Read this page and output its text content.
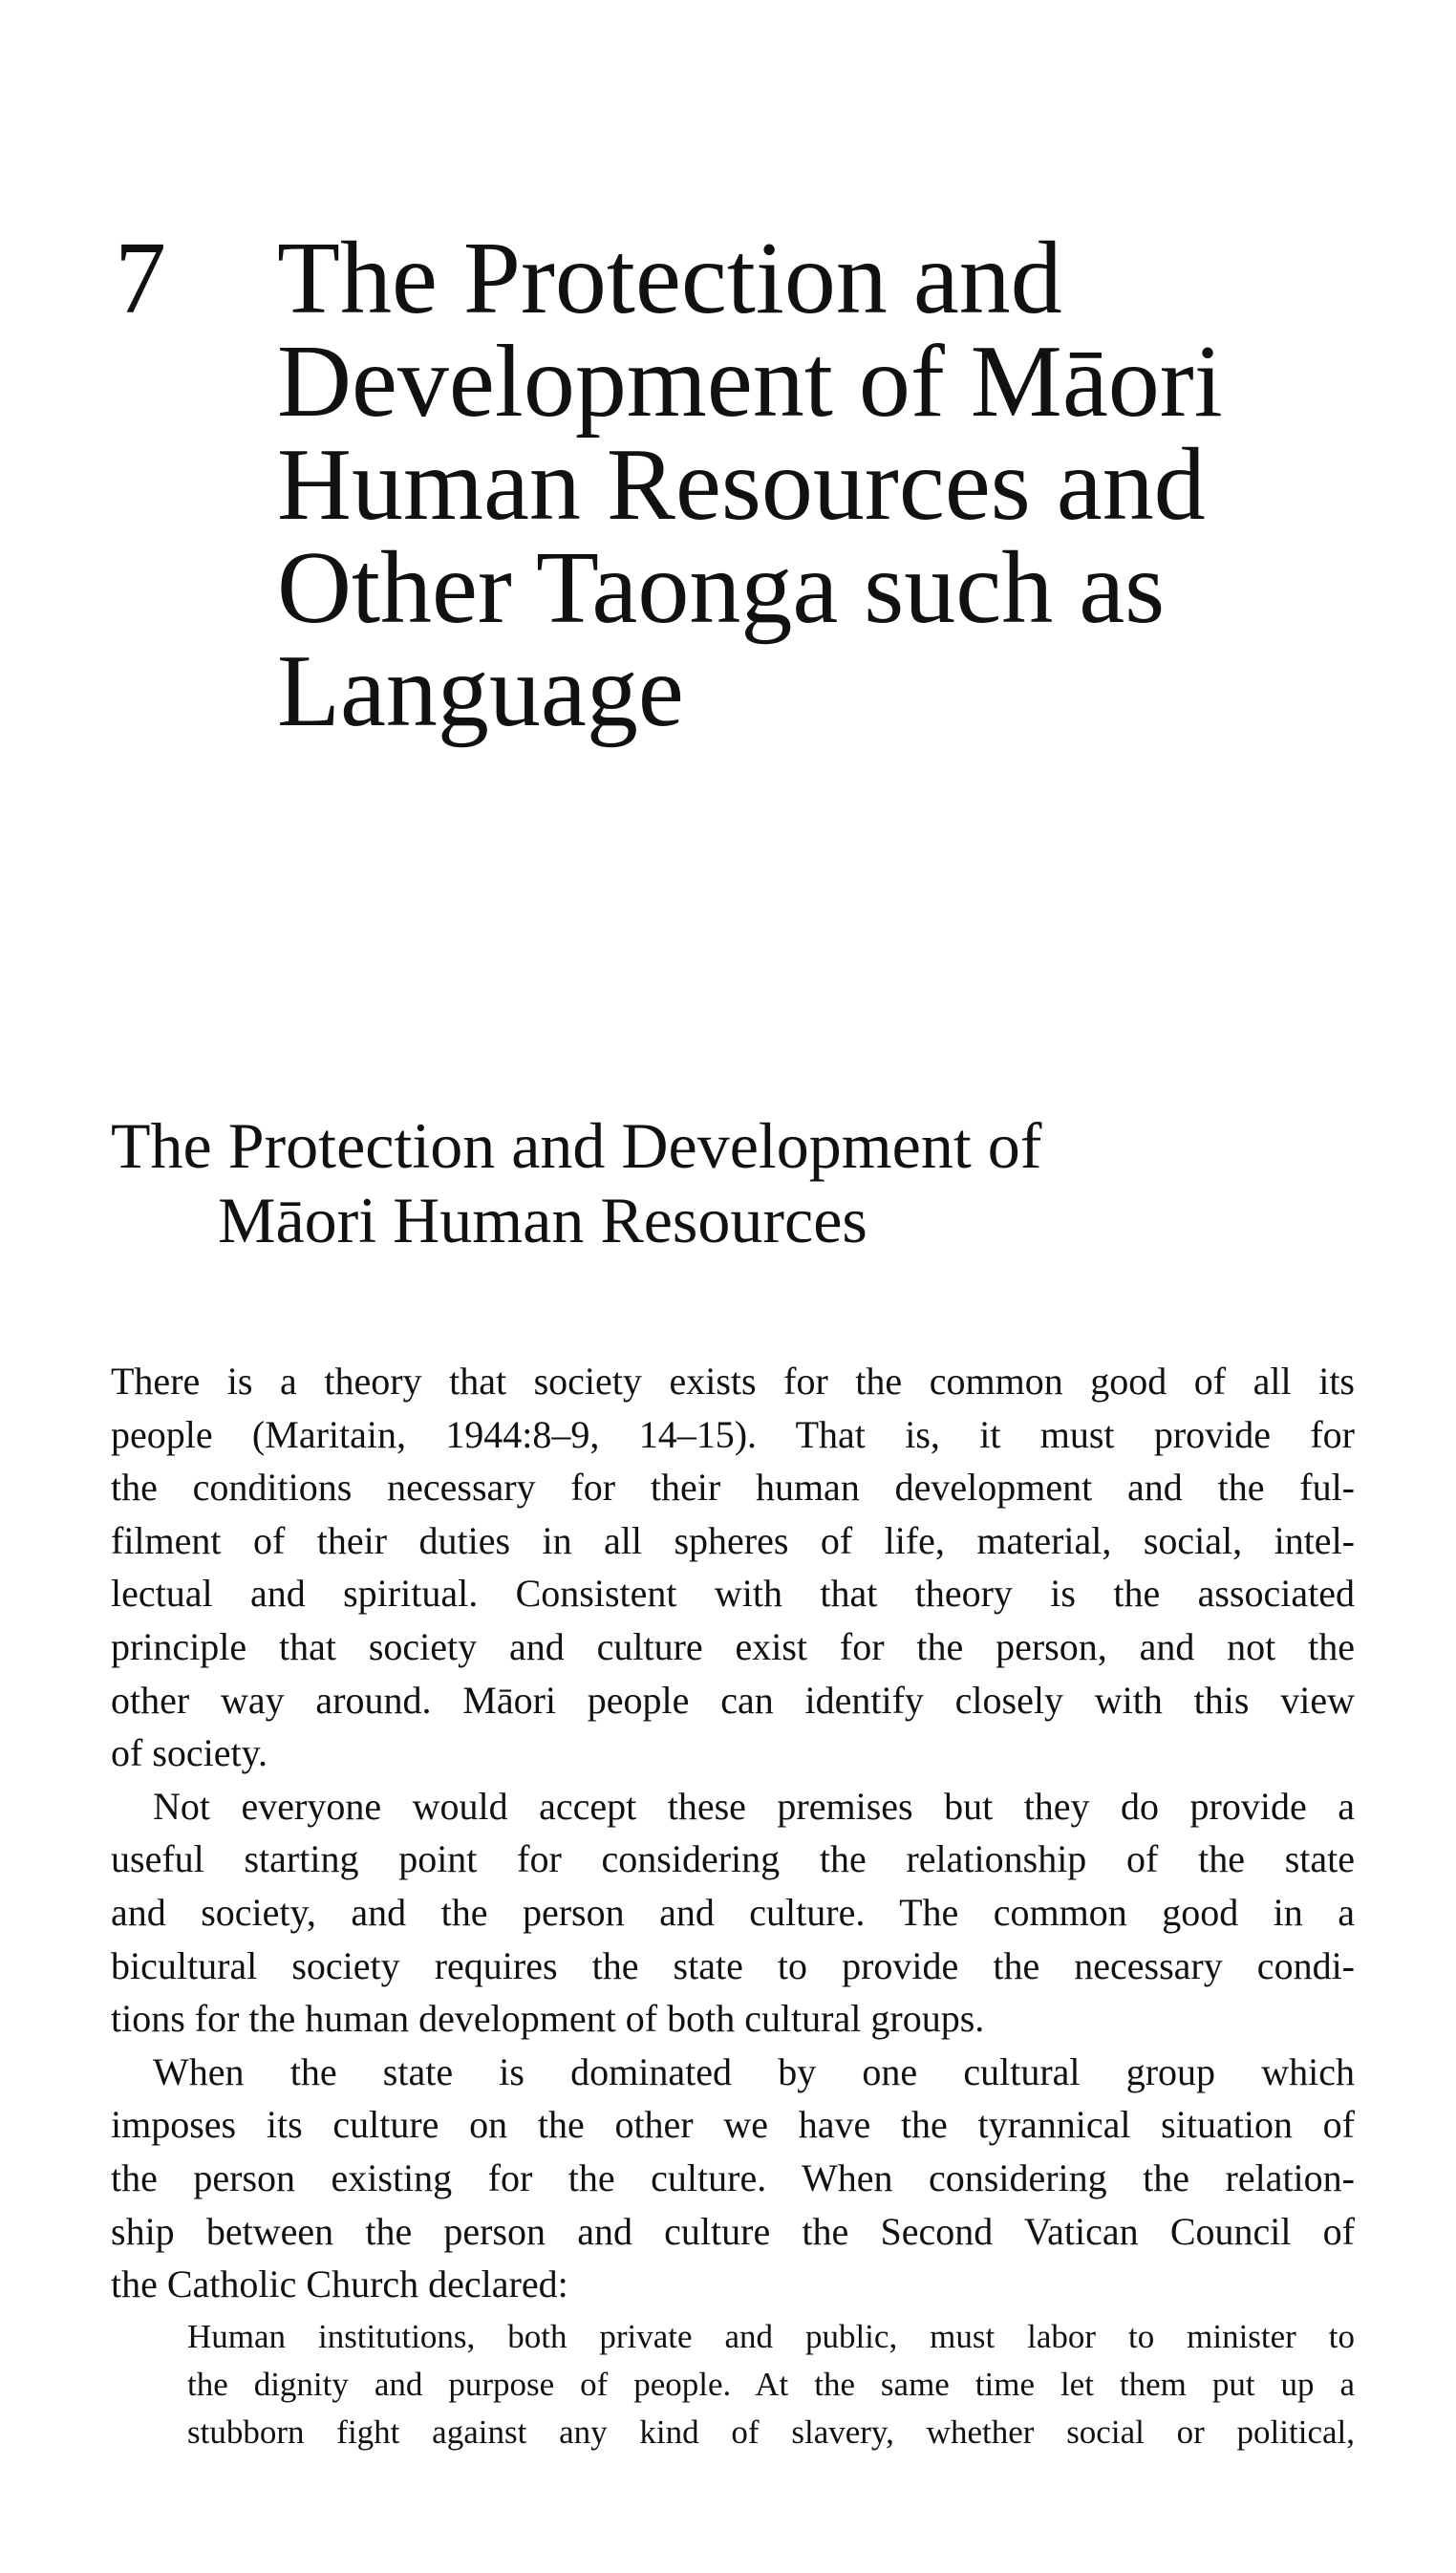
7 The Protection and
Development of Māori
Human Resources and
Other Taonga such as
Language
The Protection and Development of
Māori Human Resources

There is a theory that society exists for the common good of all its
people (Maritain, 1944:8–9, 14–15). That is, it must provide for
the conditions necessary for their human development and the ful-
filment of their duties in all spheres of life, material, social, intel-
lectual and spiritual. Consistent with that theory is the associated
principle that society and culture exist for the person, and not the
other way around. Māori people can identify closely with this view
of society.

Not everyone would accept these premises but they do provide a
useful starting point for considering the relationship of the state
and society, and the person and culture. The common good in a
bicultural society requires the state to provide the necessary condi-
tions for the human development of both cultural groups.

When the state is dominated by one cultural group which
imposes its culture on the other we have the tyrannical situation of
the person existing for the culture. When considering the relation-
ship between the person and culture the Second Vatican Council of
the Catholic Church declared:

Human institutions, both private and public, must labor to minister to
the dignity and purpose of people. At the same time let them put up a
stubborn fight against any kind of slavery, whether social or political,
